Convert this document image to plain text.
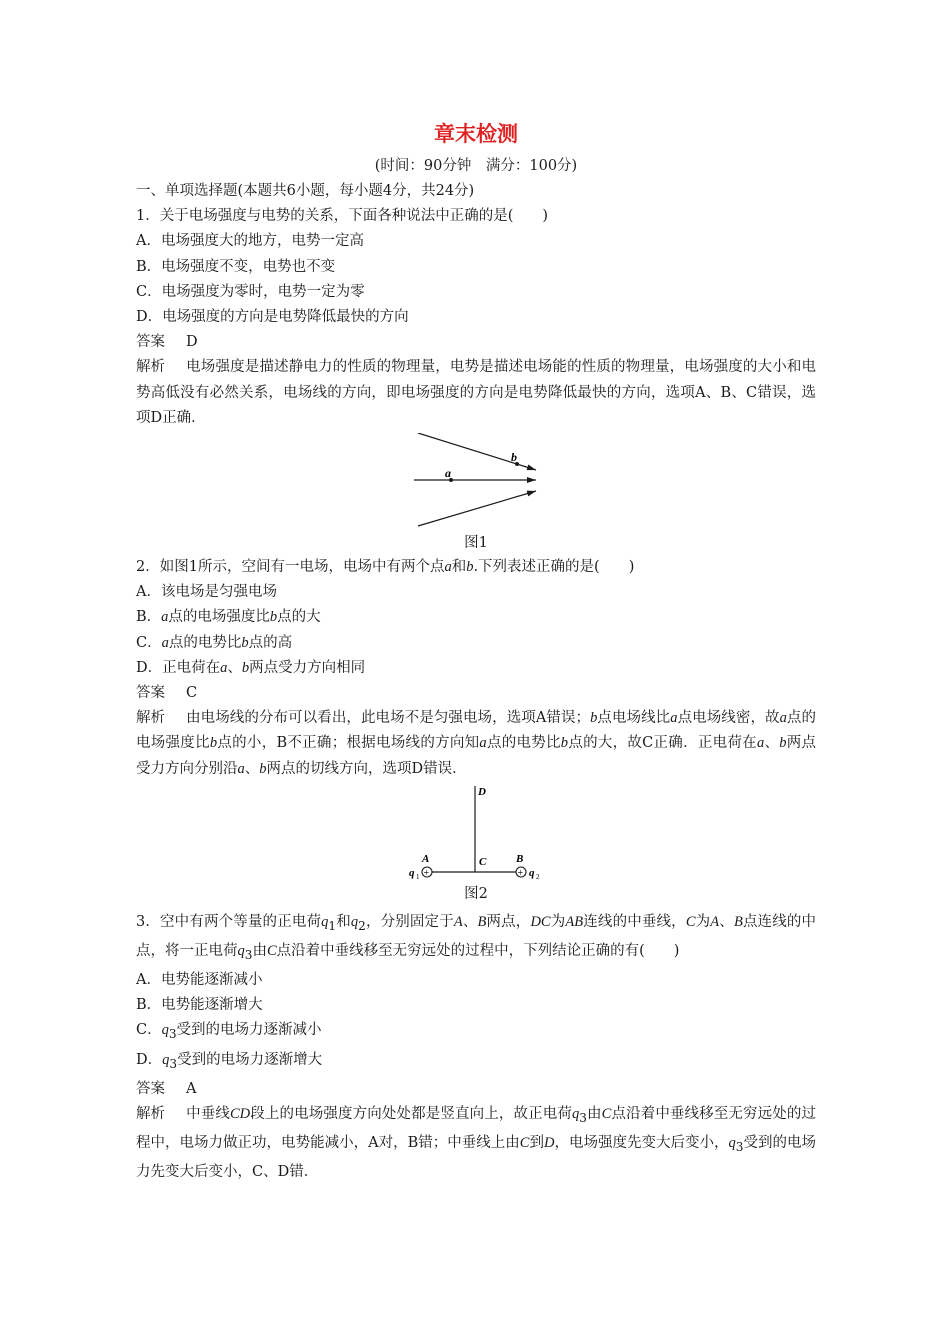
章末检测

(时间：90分钟　满分：100分)

一、单项选择题(本题共6小题，每小题4分，共24分)

1．关于电场强度与电势的关系，下面各种说法中正确的是(　　)

A．电场强度大的地方，电势一定高

B．电场强度不变，电势也不变

C．电场强度为零时，电势一定为零

D．电场强度的方向是电势降低最快的方向

答案 D

解析 电场强度是描述静电力的性质的物理量，电势是描述电场能的性质的物理量，电场强度的大小和电势高低没有必然关系，电场线的方向，即电场强度的方向是电势降低最快的方向，选项A、B、C错误，选项D正确．

a
b

图1

2．如图1所示，空间有一电场，电场中有两个点a和b.下列表述正确的是(　　)

A．该电场是匀强电场

B．a点的电场强度比b点的大

C．a点的电势比b点的高

D．正电荷在a、b两点受力方向相同

答案 C

解析 由电场线的分布可以看出，此电场不是匀强电场，选项A错误；b点电场线比a点电场线密，故a点的电场强度比b点的小，B不正确；根据电场线的方向知a点的电势比b点的大，故C正确．正电荷在a、b两点受力方向分别沿a、b两点的切线方向，选项D错误．

+	+
D
A	C	B
q 1	q 2

图2

3．空中有两个等量的正电荷$q_1$和$q_2$，分别固定于A、B两点，DC为AB连线的中垂线，C为A、B点连线的中点，将一正电荷$q_3$由C点沿着中垂线移至无穷远处的过程中，下列结论正确的有(　　)

A．电势能逐渐减小

B．电势能逐渐增大

C．$q_3$受到的电场力逐渐减小

D．$q_3$受到的电场力逐渐增大

答案 A

解析 中垂线CD段上的电场强度方向处处都是竖直向上，故正电荷$q_3$由C点沿着中垂线移至无穷远处的过程中，电场力做正功，电势能减小，A对，B错；中垂线上由C到D，电场强度先变大后变小，$q_3$受到的电场力先变大后变小，C、D错．
